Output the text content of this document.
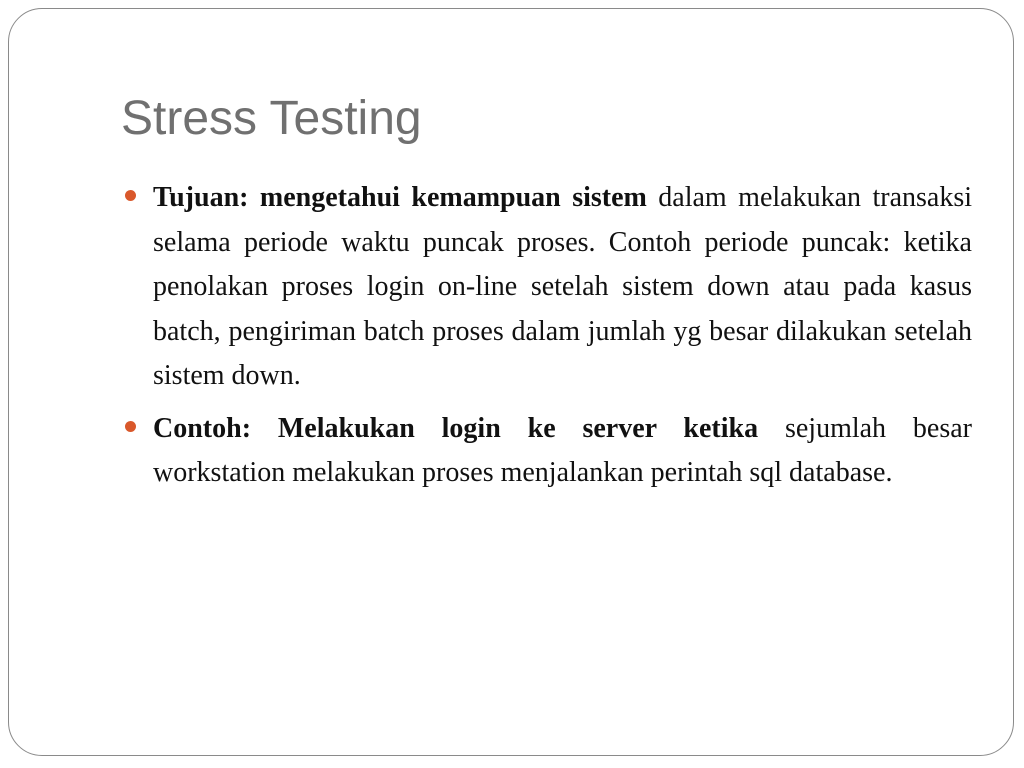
Stress Testing
Tujuan: mengetahui kemampuan sistem dalam melakukan transaksi selama periode waktu puncak proses. Contoh periode puncak: ketika penolakan proses login on-line setelah sistem down atau pada kasus batch, pengiriman batch proses dalam jumlah yg besar dilakukan setelah sistem down.
Contoh: Melakukan login ke server ketika sejumlah besar workstation melakukan proses menjalankan perintah sql database.
